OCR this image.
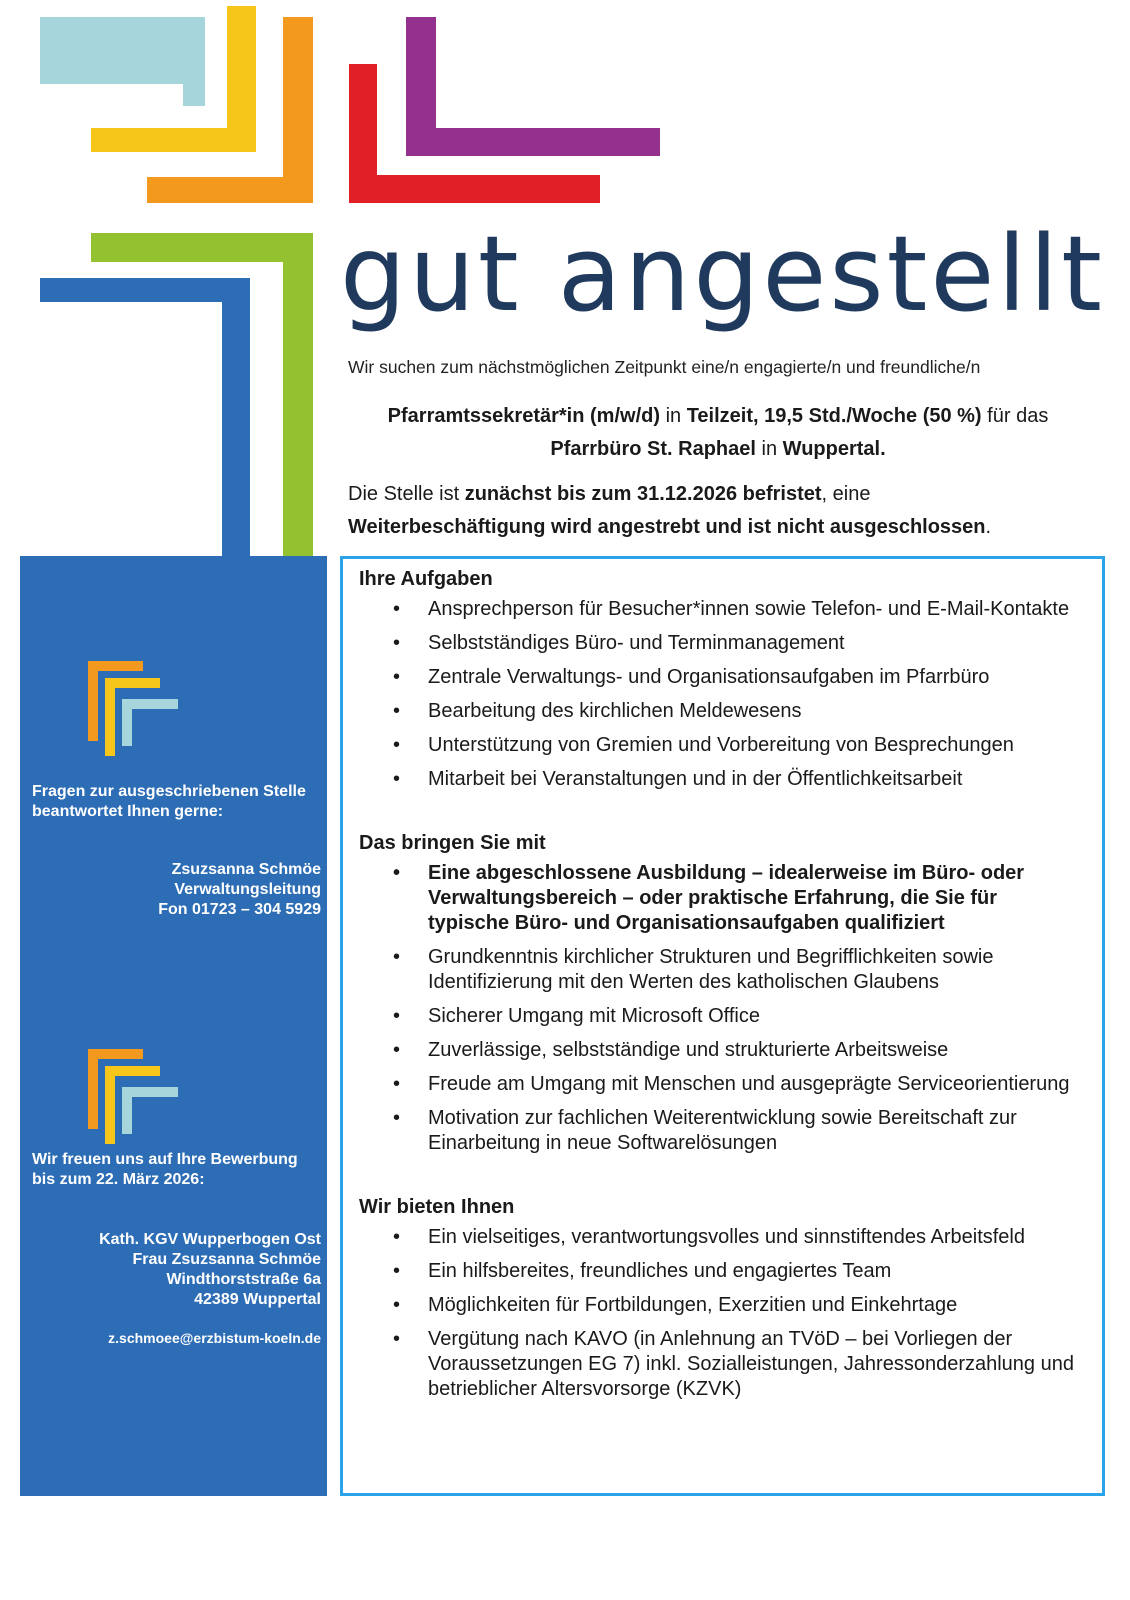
gut angestellt
Wir suchen zum nächstmöglichen Zeitpunkt eine/n engagierte/n und freundliche/n
Pfarramtssekretär*in (m/w/d) in Teilzeit, 19,5 Std./Woche (50 %) für das
Pfarrbüro St. Raphael in Wuppertal.
Die Stelle ist zunächst bis zum 31.12.2026 befristet, eine
Weiterbeschäftigung wird angestrebt und ist nicht ausgeschlossen.
Fragen zur ausgeschriebenen Stelle beantwortet Ihnen gerne:
Zsuzsanna Schmöe
Verwaltungsleitung
Fon 01723 – 304 5929
Wir freuen uns auf Ihre Bewerbung bis zum 22. März 2026:
Kath. KGV Wupperbogen Ost
Frau Zsuzsanna Schmöe
Windthorststraße 6a
42389 Wuppertal
z.schmoee@erzbistum-koeln.de
Ihre Aufgaben
• Ansprechperson für Besucher*innen sowie Telefon- und E-Mail-Kontakte
• Selbstständiges Büro- und Terminmanagement
• Zentrale Verwaltungs- und Organisationsaufgaben im Pfarrbüro
• Bearbeitung des kirchlichen Meldewesens
• Unterstützung von Gremien und Vorbereitung von Besprechungen
• Mitarbeit bei Veranstaltungen und in der Öffentlichkeitsarbeit
Das bringen Sie mit
• Eine abgeschlossene Ausbildung – idealerweise im Büro- oder Verwaltungsbereich – oder praktische Erfahrung, die Sie für typische Büro- und Organisationsaufgaben qualifiziert
• Grundkenntnis kirchlicher Strukturen und Begrifflichkeiten sowie Identifizierung mit den Werten des katholischen Glaubens
• Sicherer Umgang mit Microsoft Office
• Zuverlässige, selbstständige und strukturierte Arbeitsweise
• Freude am Umgang mit Menschen und ausgeprägte Serviceorientierung
• Motivation zur fachlichen Weiterentwicklung sowie Bereitschaft zur Einarbeitung in neue Softwarelösungen
Wir bieten Ihnen
• Ein vielseitiges, verantwortungsvolles und sinnstiftendes Arbeitsfeld
• Ein hilfsbereites, freundliches und engagiertes Team
• Möglichkeiten für Fortbildungen, Exerzitien und Einkehrtage
• Vergütung nach KAVO (in Anlehnung an TVöD – bei Vorliegen der Voraussetzungen EG 7) inkl. Sozialleistungen, Jahressonderzahlung und betrieblicher Altersvorsorge (KZVK)
